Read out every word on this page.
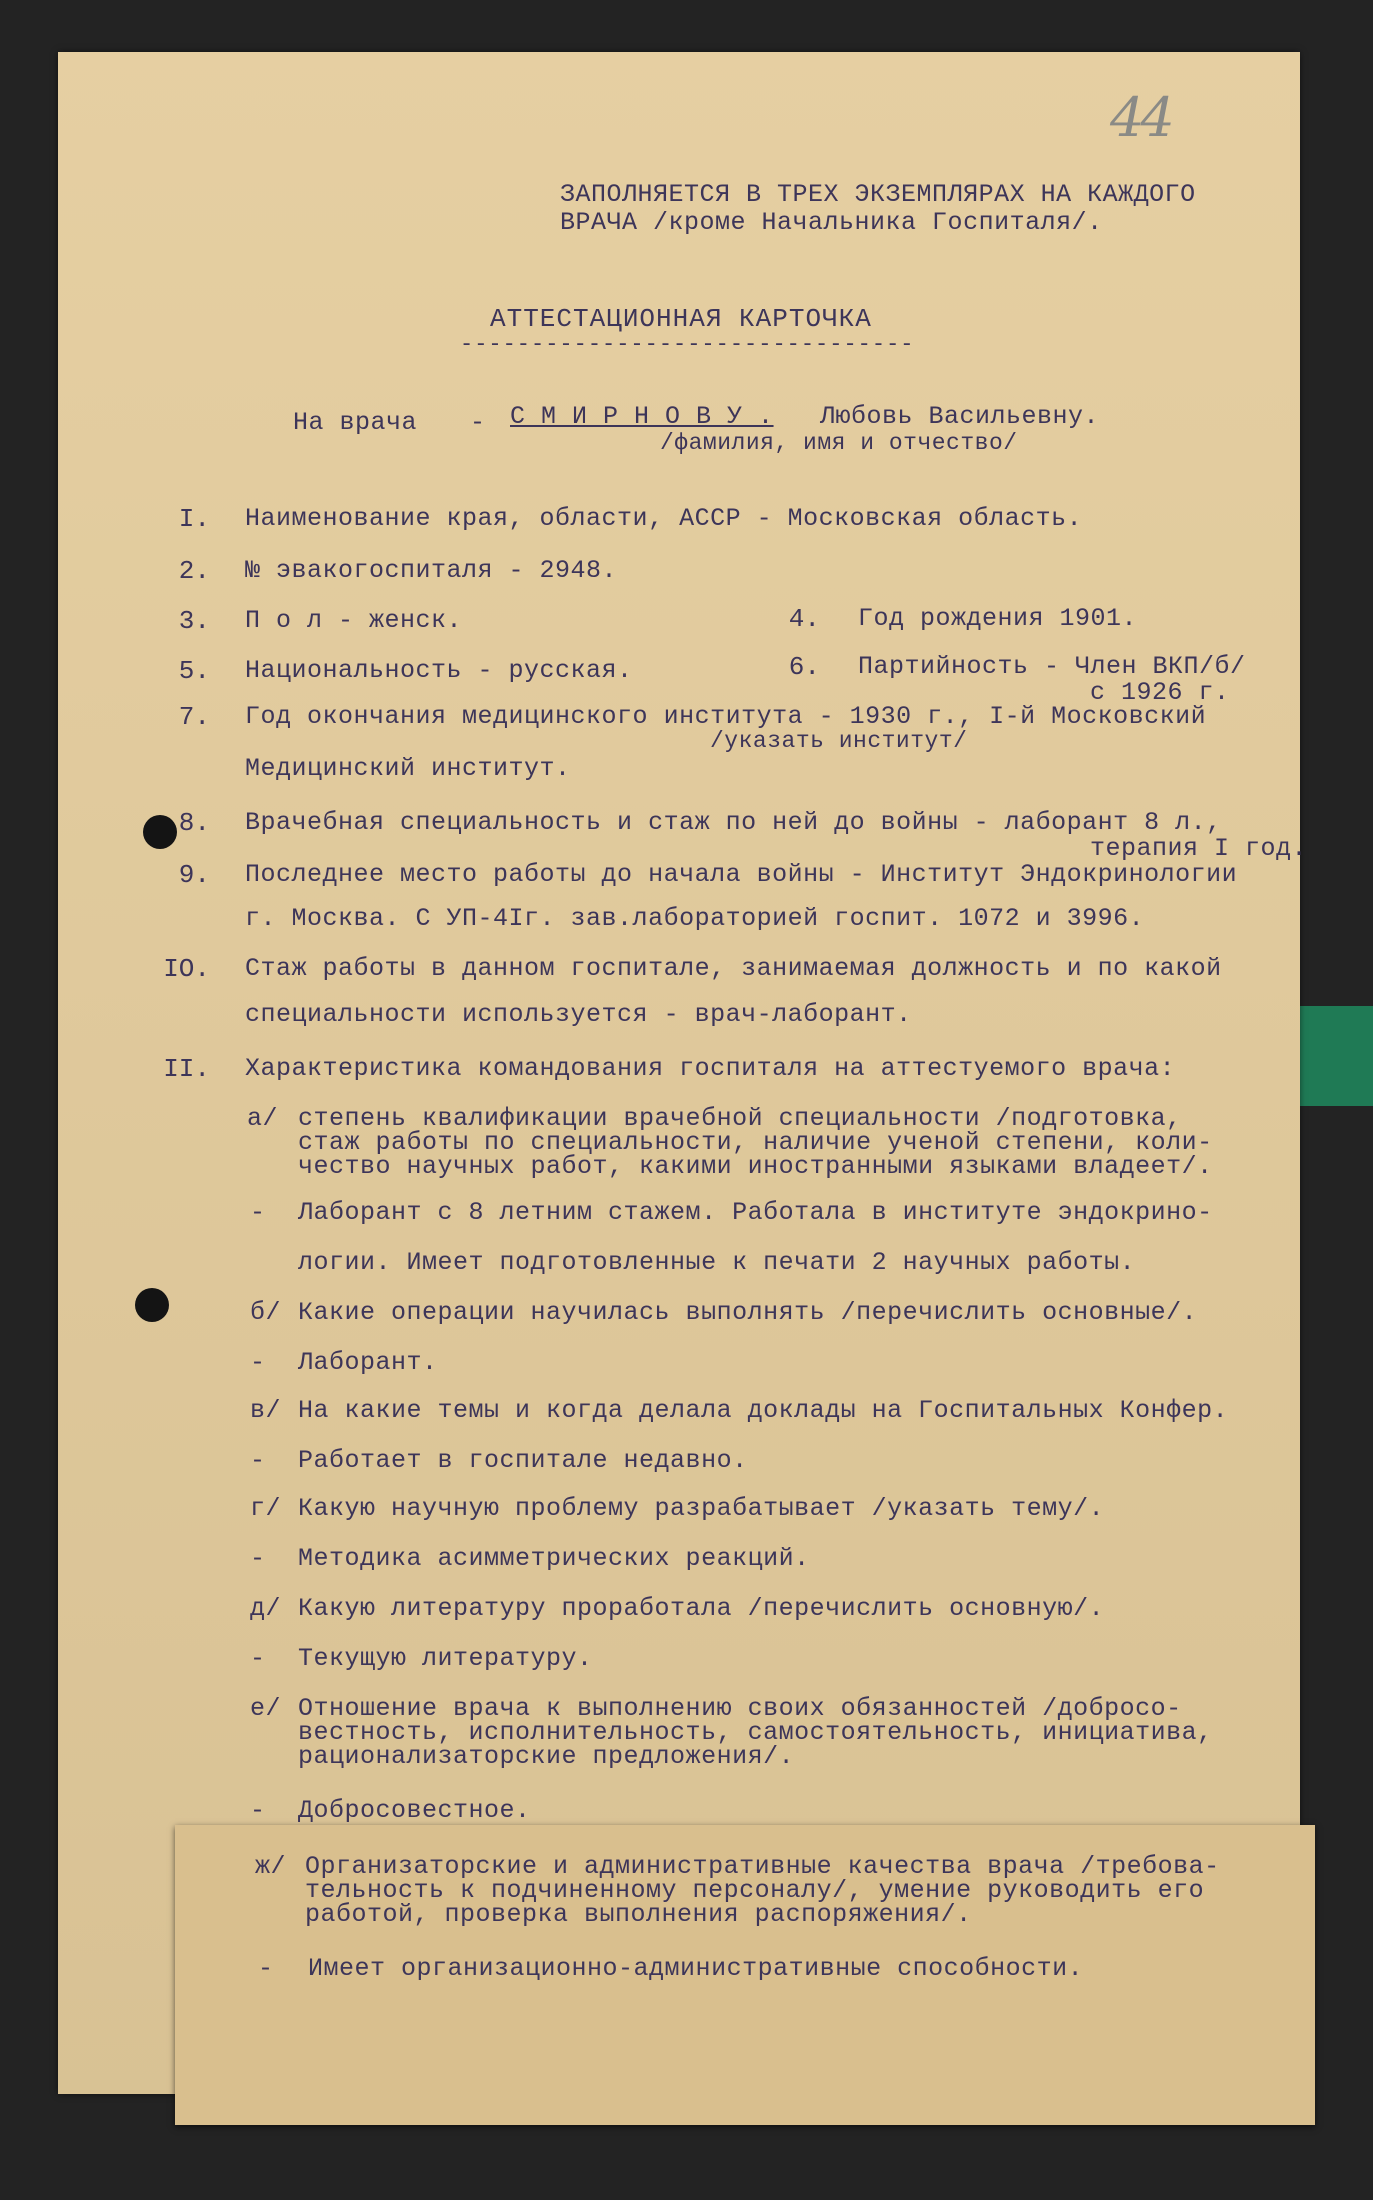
44
ЗАПОЛНЯЕТСЯ В ТРЕХ ЭКЗЕМПЛЯРАХ НА КАЖДОГО
ВРАЧА /кроме Начальника Госпиталя/.
АТТЕСТАЦИОННАЯ КАРТОЧКА
--------------------------------
На врача - С М И Р Н О В У . Любовь Васильевну.
/фамилия, имя и отчество/
I. Наименование края, области, АССР - Московская область.
2. № эвакогоспиталя - 2948.
3. П о л - женск.	4. Год рождения 1901.
5. Национальность - русская.	6. Партийность - Член ВКП/б/
с 1926 г.
7. Год окончания медицинского института - 1930 г., I-й Московский
/указать институт/
Медицинский институт.
8. Врачебная специальность и стаж по ней до войны - лаборант 8 л.,
терапия I год.
9. Последнее место работы до начала войны - Институт Эндокринологии
г. Москва. С УП-4Iг. зав.лабораторией госпит. 1072 и 3996.
IO. Стаж работы в данном госпитале, занимаемая должность и по какой
специальности используется - врач-лаборант.
II. Характеристика командования госпиталя на аттестуемого врача:
а/ степень квалификации врачебной специальности /подготовка,
стаж работы по специальности, наличие ученой степени, коли-
чество научных работ, какими иностранными языками владеет/.
- Лаборант с 8 летним стажем. Работала в институте эндокрино-
логии. Имеет подготовленные к печати 2 научных работы.
б/ Какие операции научилась выполнять /перечислить основные/.
- Лаборант.
в/ На какие темы и когда делала доклады на Госпитальных Конфер.
- Работает в госпитале недавно.
г/ Какую научную проблему разрабатывает /указать тему/.
- Методика асимметрических реакций.
д/ Какую литературу проработала /перечислить основную/.
- Текущую литературу.
е/ Отношение врача к выполнению своих обязанностей /добросо-
вестность, исполнительность, самостоятельность, инициатива,
рационализаторские предложения/.
- Добросовестное.
ж/ Организаторские и административные качества врача /требова-
тельность к подчиненному персоналу/, умение руководить его
работой, проверка выполнения распоряжения/.
- Имеет организационно-административные способности.
